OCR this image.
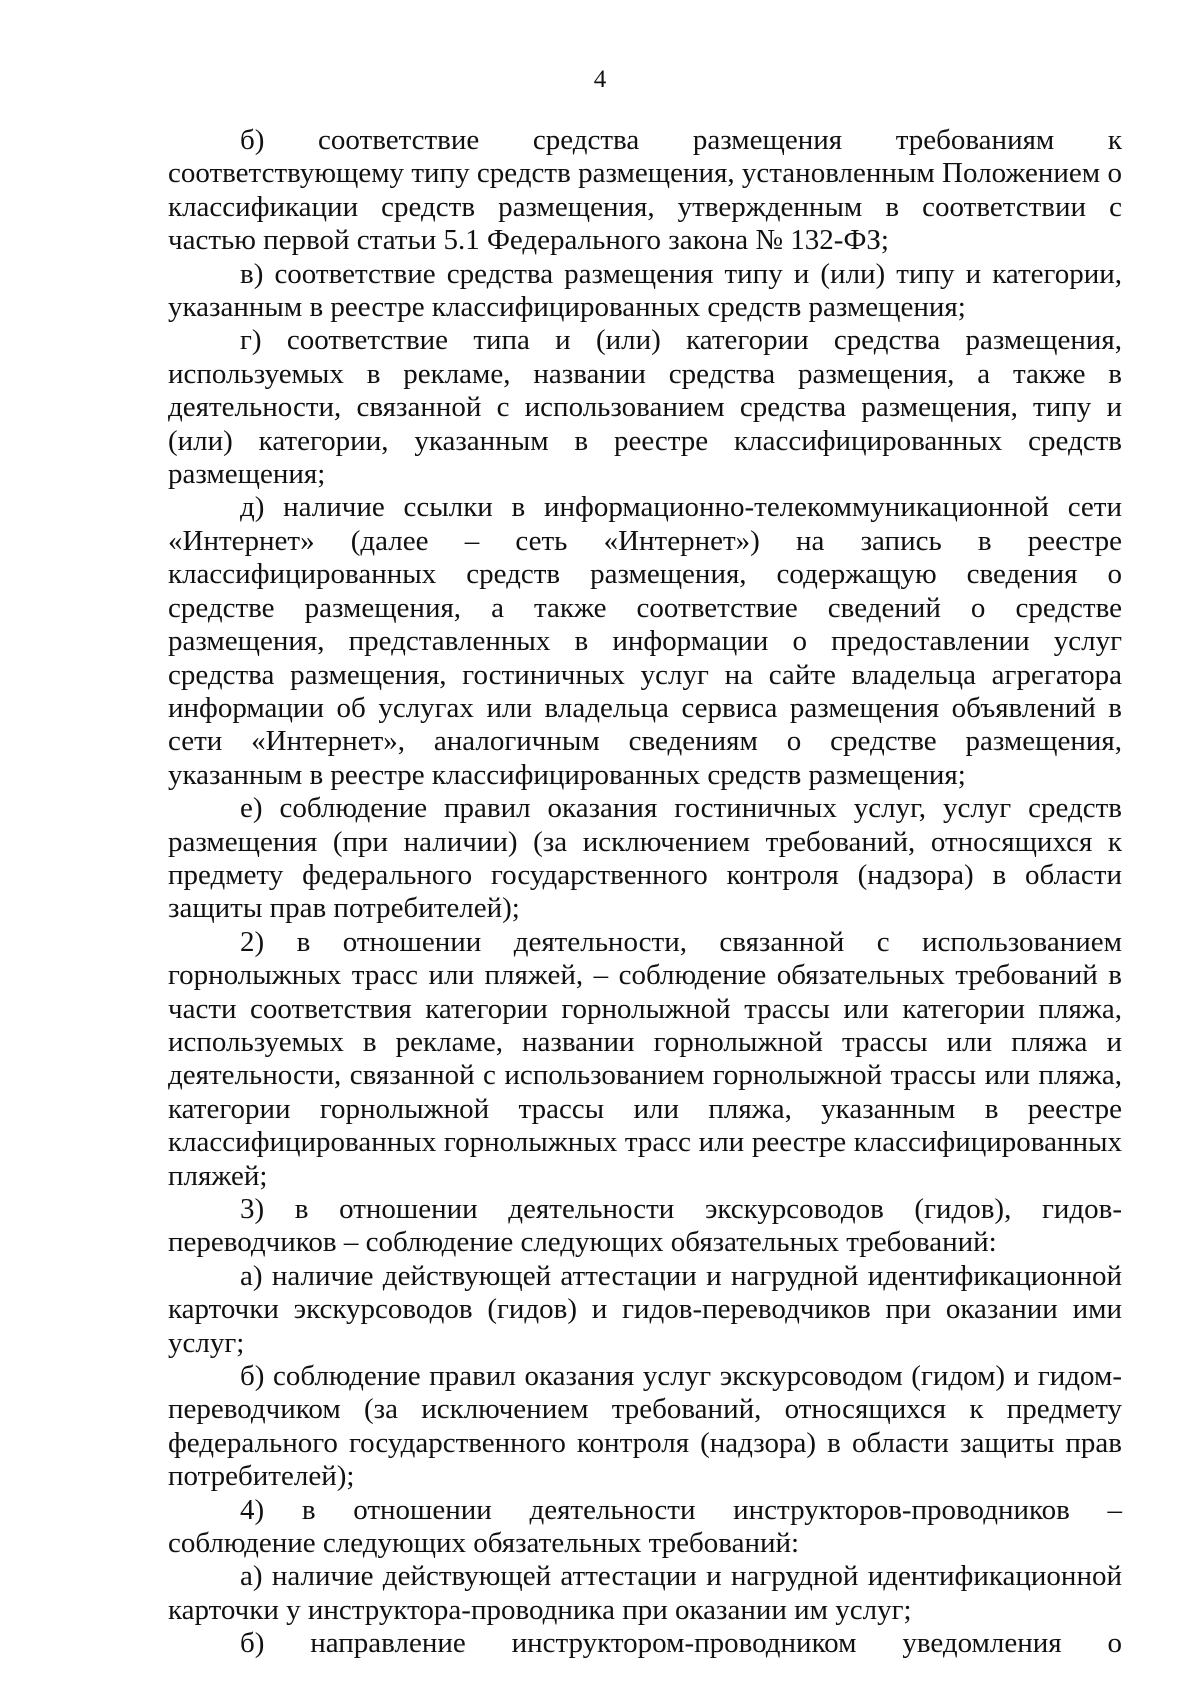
4

б) соответствие средства размещения требованиям к соответствующему типу средств размещения, установленным Положением о классификации средств размещения, утвержденным в соответствии с частью первой статьи 5.1 Федерального закона № 132-ФЗ;

в) соответствие средства размещения типу и (или) типу и категории, указанным в реестре классифицированных средств размещения;

г) соответствие типа и (или) категории средства размещения, используемых в рекламе, названии средства размещения, а также в деятельности, связанной с использованием средства размещения, типу и (или) категории, указанным в реестре классифицированных средств размещения;

д) наличие ссылки в информационно-телекоммуникационной сети «Интернет» (далее – сеть «Интернет») на запись в реестре классифицированных средств размещения, содержащую сведения о средстве размещения, а также соответствие сведений о средстве размещения, представленных в информации о предоставлении услуг средства размещения, гостиничных услуг на сайте владельца агрегатора информации об услугах или владельца сервиса размещения объявлений в сети «Интернет», аналогичным сведениям о средстве размещения, указанным в реестре классифицированных средств размещения;

е) соблюдение правил оказания гостиничных услуг, услуг средств размещения (при наличии) (за исключением требований, относящихся к предмету федерального государственного контроля (надзора) в области защиты прав потребителей);

2) в отношении деятельности, связанной с использованием горнолыжных трасс или пляжей, – соблюдение обязательных требований в части соответствия категории горнолыжной трассы или категории пляжа, используемых в рекламе, названии горнолыжной трассы или пляжа и деятельности, связанной с использованием горнолыжной трассы или пляжа, категории горнолыжной трассы или пляжа, указанным в реестре классифицированных горнолыжных трасс или реестре классифицированных пляжей;

3) в отношении деятельности экскурсоводов (гидов), гидов-переводчиков – соблюдение следующих обязательных требований:

а) наличие действующей аттестации и нагрудной идентификационной карточки экскурсоводов (гидов) и гидов-переводчиков при оказании ими услуг;

б) соблюдение правил оказания услуг экскурсоводом (гидом) и гидом-переводчиком (за исключением требований, относящихся к предмету федерального государственного контроля (надзора) в области защиты прав потребителей);

4) в отношении деятельности инструкторов-проводников – соблюдение следующих обязательных требований:

а) наличие действующей аттестации и нагрудной идентификационной карточки у инструктора-проводника при оказании им услуг;

б) направление инструктором-проводником уведомления о
